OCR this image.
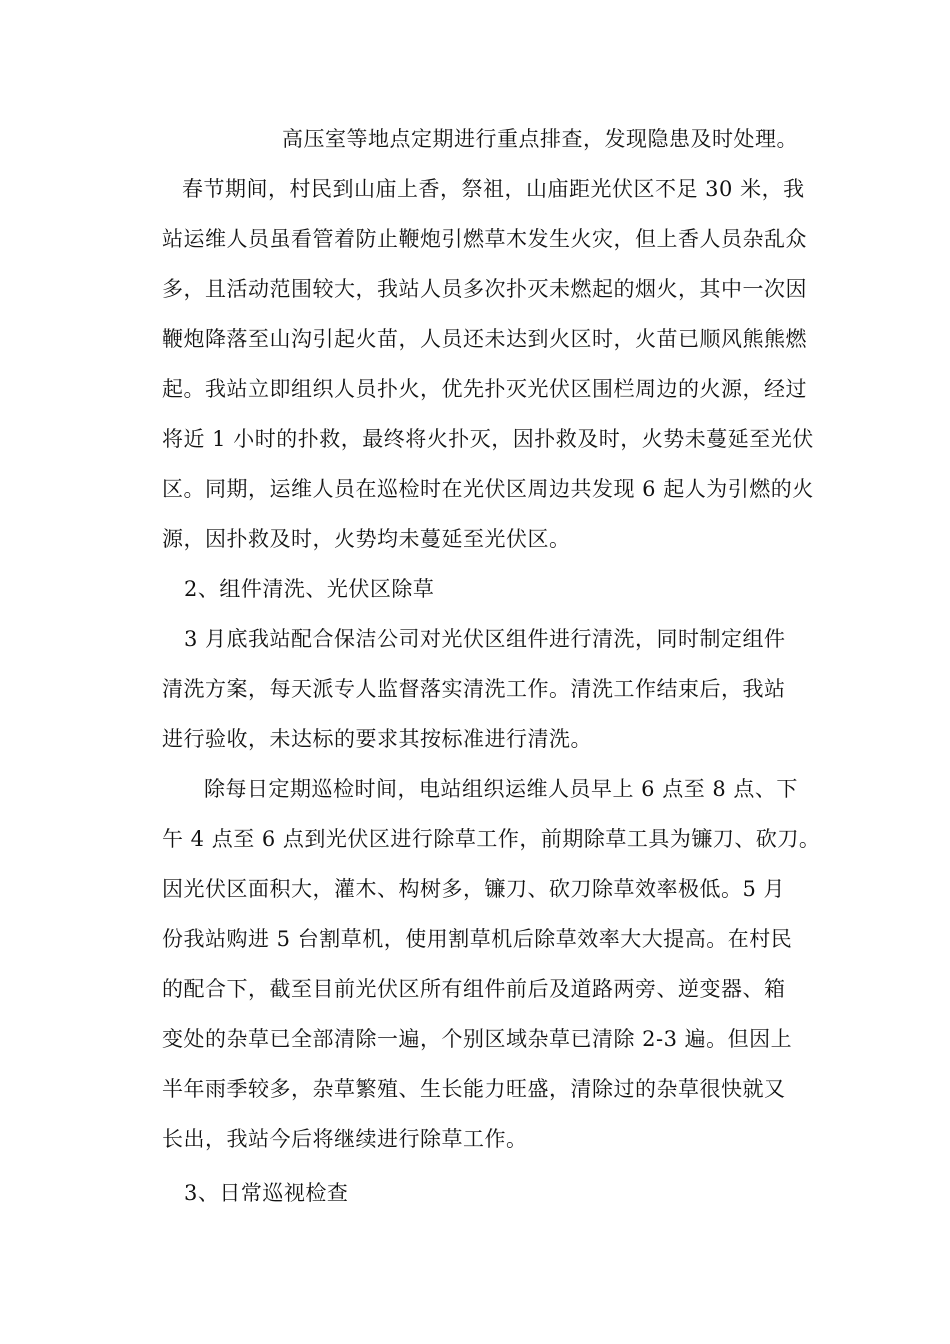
高压室等地点定期进行重点排查，发现隐患及时处理。
春节期间，村民到山庙上香，祭祖，山庙距光伏区不足 30 米，我
站运维人员虽看管着防止鞭炮引燃草木发生火灾，但上香人员杂乱众
多，且活动范围较大，我站人员多次扑灭未燃起的烟火，其中一次因
鞭炮降落至山沟引起火苗，人员还未达到火区时，火苗已顺风熊熊燃
起。我站立即组织人员扑火，优先扑灭光伏区围栏周边的火源，经过
将近 1 小时的扑救，最终将火扑灭，因扑救及时，火势未蔓延至光伏
区。同期，运维人员在巡检时在光伏区周边共发现 6 起人为引燃的火
源，因扑救及时，火势均未蔓延至光伏区。
2、组件清洗、光伏区除草
3 月底我站配合保洁公司对光伏区组件进行清洗，同时制定组件
清洗方案，每天派专人监督落实清洗工作。清洗工作结束后，我站
进行验收，未达标的要求其按标准进行清洗。
除每日定期巡检时间，电站组织运维人员早上 6 点至 8 点、下
午 4 点至 6 点到光伏区进行除草工作，前期除草工具为镰刀、砍刀。
因光伏区面积大，灌木、构树多，镰刀、砍刀除草效率极低。5 月
份我站购进 5 台割草机，使用割草机后除草效率大大提高。在村民
的配合下，截至目前光伏区所有组件前后及道路两旁、逆变器、箱
变处的杂草已全部清除一遍，个别区域杂草已清除 2-3 遍。但因上
半年雨季较多，杂草繁殖、生长能力旺盛，清除过的杂草很快就又
长出，我站今后将继续进行除草工作。
3、日常巡视检查
